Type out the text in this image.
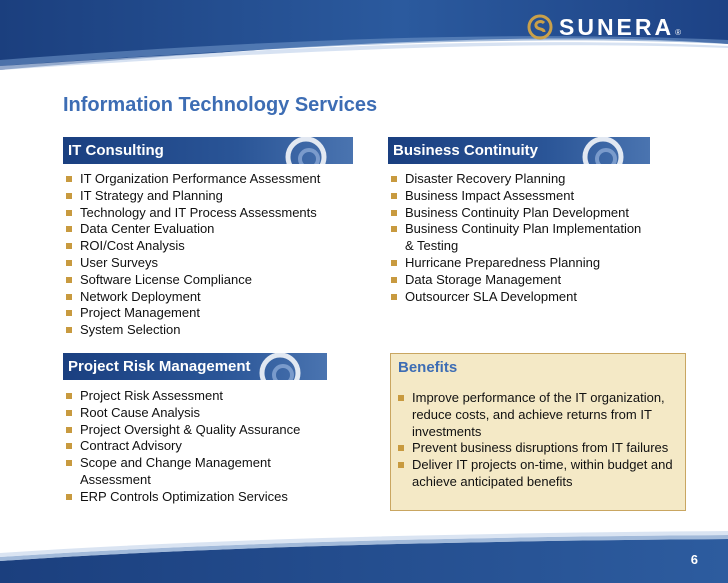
SUNERA ®
Information Technology Services
IT Consulting
IT Organization Performance Assessment
IT Strategy and Planning
Technology and IT Process Assessments
Data Center Evaluation
ROI/Cost Analysis
User Surveys
Software License Compliance
Network Deployment
Project Management
System Selection
Business Continuity
Disaster Recovery Planning
Business Impact Assessment
Business Continuity Plan Development
Business Continuity Plan Implementation & Testing
Hurricane Preparedness Planning
Data Storage Management
Outsourcer SLA Development
Project Risk Management
Project Risk Assessment
Root Cause Analysis
Project Oversight & Quality Assurance
Contract Advisory
Scope and Change Management Assessment
ERP Controls Optimization Services
Benefits
Improve performance of the IT organization, reduce costs, and achieve returns from IT investments
Prevent business disruptions from IT failures
Deliver IT projects on-time, within budget and achieve anticipated benefits
6
